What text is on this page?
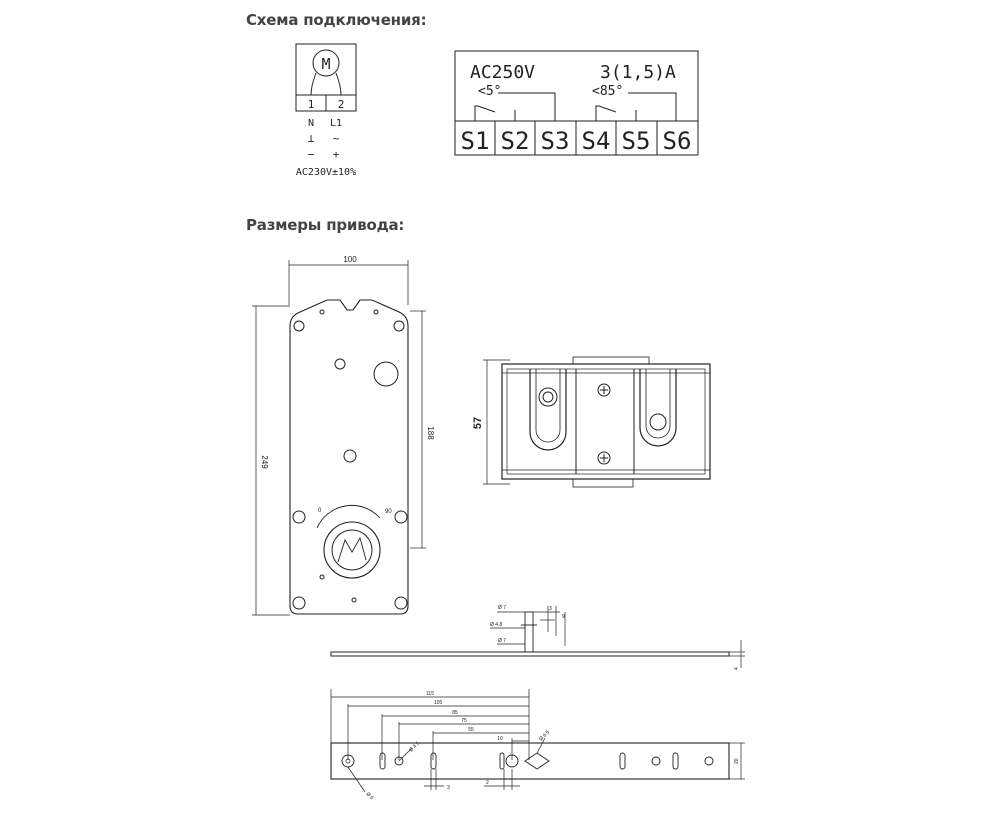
Схема подключения:
Размеры привода:
M
1 2
N L1
⊥ ~
− +
AC230V±10%
AC250V	3(1,5)A
<5°	<85°
S1 S2 S3 S4 S5 S6
100
249
188
0	90
57
Ø 7
Ø 4.8
Ø 7
3
9
4
115
105
85
75
55
10
Ø 6
Ø 4.5
Ø 6.5
3
2
20
